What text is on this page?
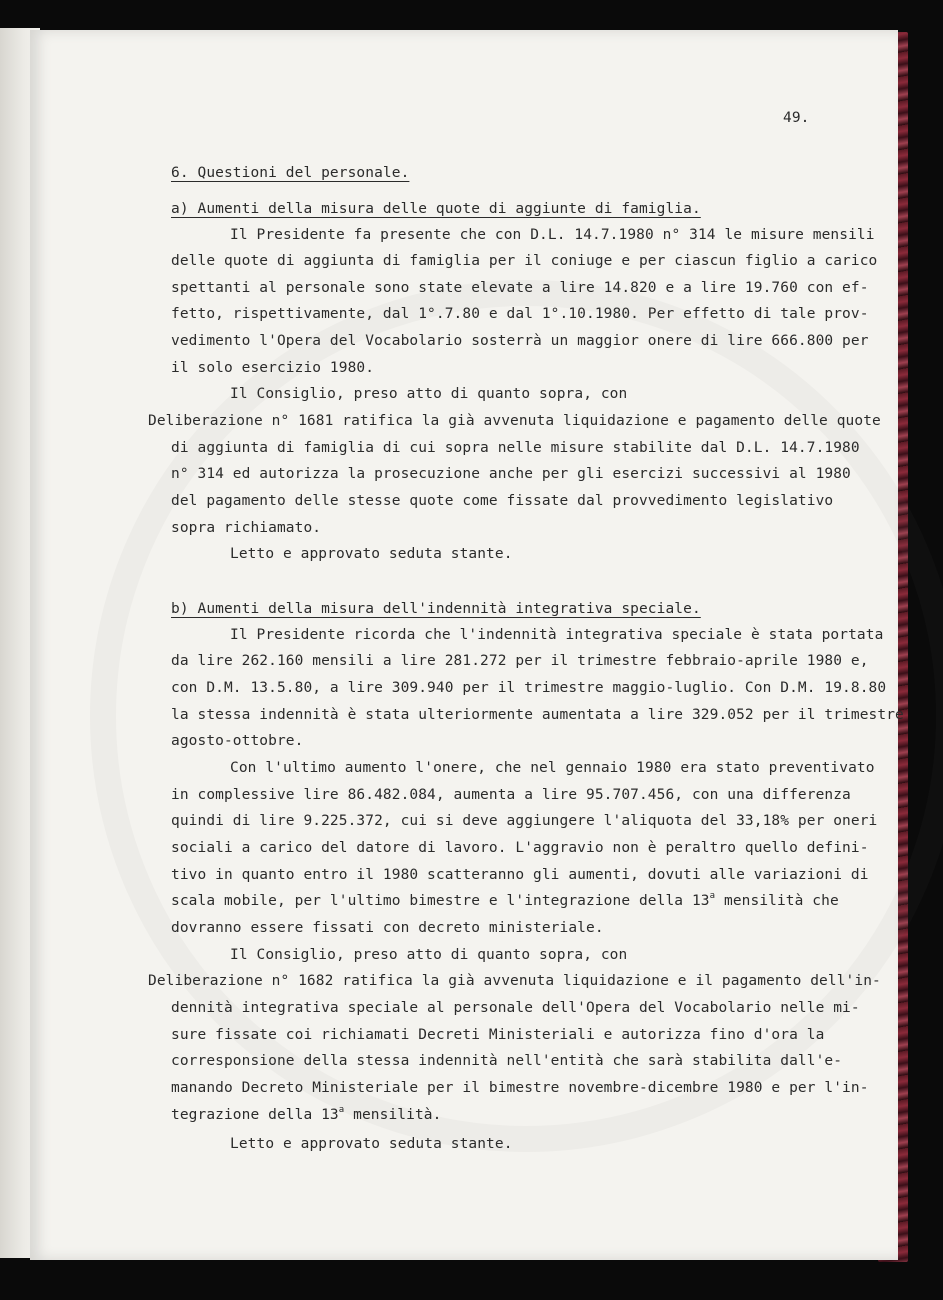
49.
6. Questioni del personale.
a) Aumenti della misura delle quote di aggiunte di famiglia.
Il Presidente fa presente che con D.L. 14.7.1980 n° 314 le misure mensili
delle quote di aggiunta di famiglia per il coniuge e per ciascun figlio a carico
spettanti al personale sono state elevate a lire 14.820 e a lire 19.760 con ef-
fetto, rispettivamente, dal 1°.7.80 e dal 1°.10.1980. Per effetto di tale prov-
vedimento l'Opera del Vocabolario sosterrà un maggior onere di lire 666.800 per
il solo esercizio 1980.
Il Consiglio, preso atto di quanto sopra, con
Deliberazione n° 1681 ratifica la già avvenuta liquidazione e pagamento delle quote
di aggiunta di famiglia di cui sopra nelle misure stabilite dal D.L. 14.7.1980
n° 314 ed autorizza la prosecuzione anche per gli esercizi successivi al 1980
del pagamento delle stesse quote come fissate dal provvedimento legislativo
sopra richiamato.
Letto e approvato seduta stante.
b) Aumenti della misura dell'indennità integrativa speciale.
Il Presidente ricorda che l'indennità integrativa speciale è stata portata
da lire 262.160 mensili a lire 281.272 per il trimestre febbraio-aprile 1980 e,
con D.M. 13.5.80, a lire 309.940 per il trimestre maggio-luglio. Con D.M. 19.8.80
la stessa indennità è stata ulteriormente aumentata a lire 329.052 per il trimestre
agosto-ottobre.
Con l'ultimo aumento l'onere, che nel gennaio 1980 era stato preventivato
in complessive lire 86.482.084, aumenta a lire 95.707.456, con una differenza
quindi di lire 9.225.372, cui si deve aggiungere l'aliquota del 33,18% per oneri
sociali a carico del datore di lavoro. L'aggravio non è peraltro quello defini-
tivo in quanto entro il 1980 scatteranno gli aumenti, dovuti alle variazioni di
scala mobile, per l'ultimo bimestre e l'integrazione della 13$^a$ mensilità che
dovranno essere fissati con decreto ministeriale.
Il Consiglio, preso atto di quanto sopra, con
Deliberazione n° 1682 ratifica la già avvenuta liquidazione e il pagamento dell'in-
dennità integrativa speciale al personale dell'Opera del Vocabolario nelle mi-
sure fissate coi richiamati Decreti Ministeriali e autorizza fino d'ora la
corresponsione della stessa indennità nell'entità che sarà stabilita dall'e-
manando Decreto Ministeriale per il bimestre novembre-dicembre 1980 e per l'in-
tegrazione della 13$^a$ mensilità.
Letto e approvato seduta stante.
